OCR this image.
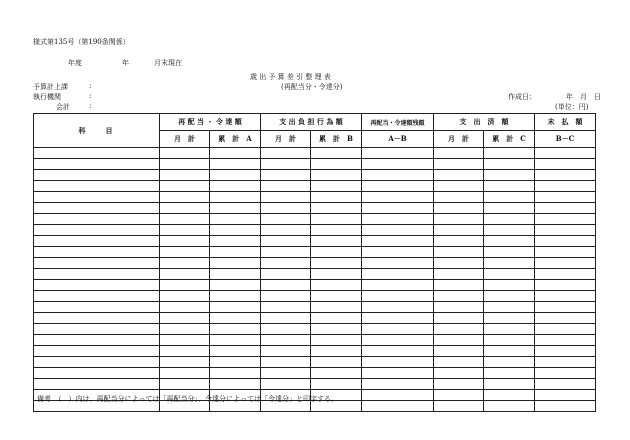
様式第135号（第190条関係）
年度	年	月末現在
歳 出 予 算 差 引 整 理 表
(再配当分・令達分)
予算計上課	:
執行機関	:
会計	:
作成日：	年　月　日
(単位：円)
科　　目	再 配 当 ・ 令 達 額		支 出 負 担 行 為 額		再配当・令達額残額	支　出　済　額		未　払　額
	月　計	累　計　A	月　計	累　計　B	A－B	月　計	累　計　C	B－C

備考　（　）内は、再配当分によっては「再配当分」、令達分によっては「令達分」と印字する。
